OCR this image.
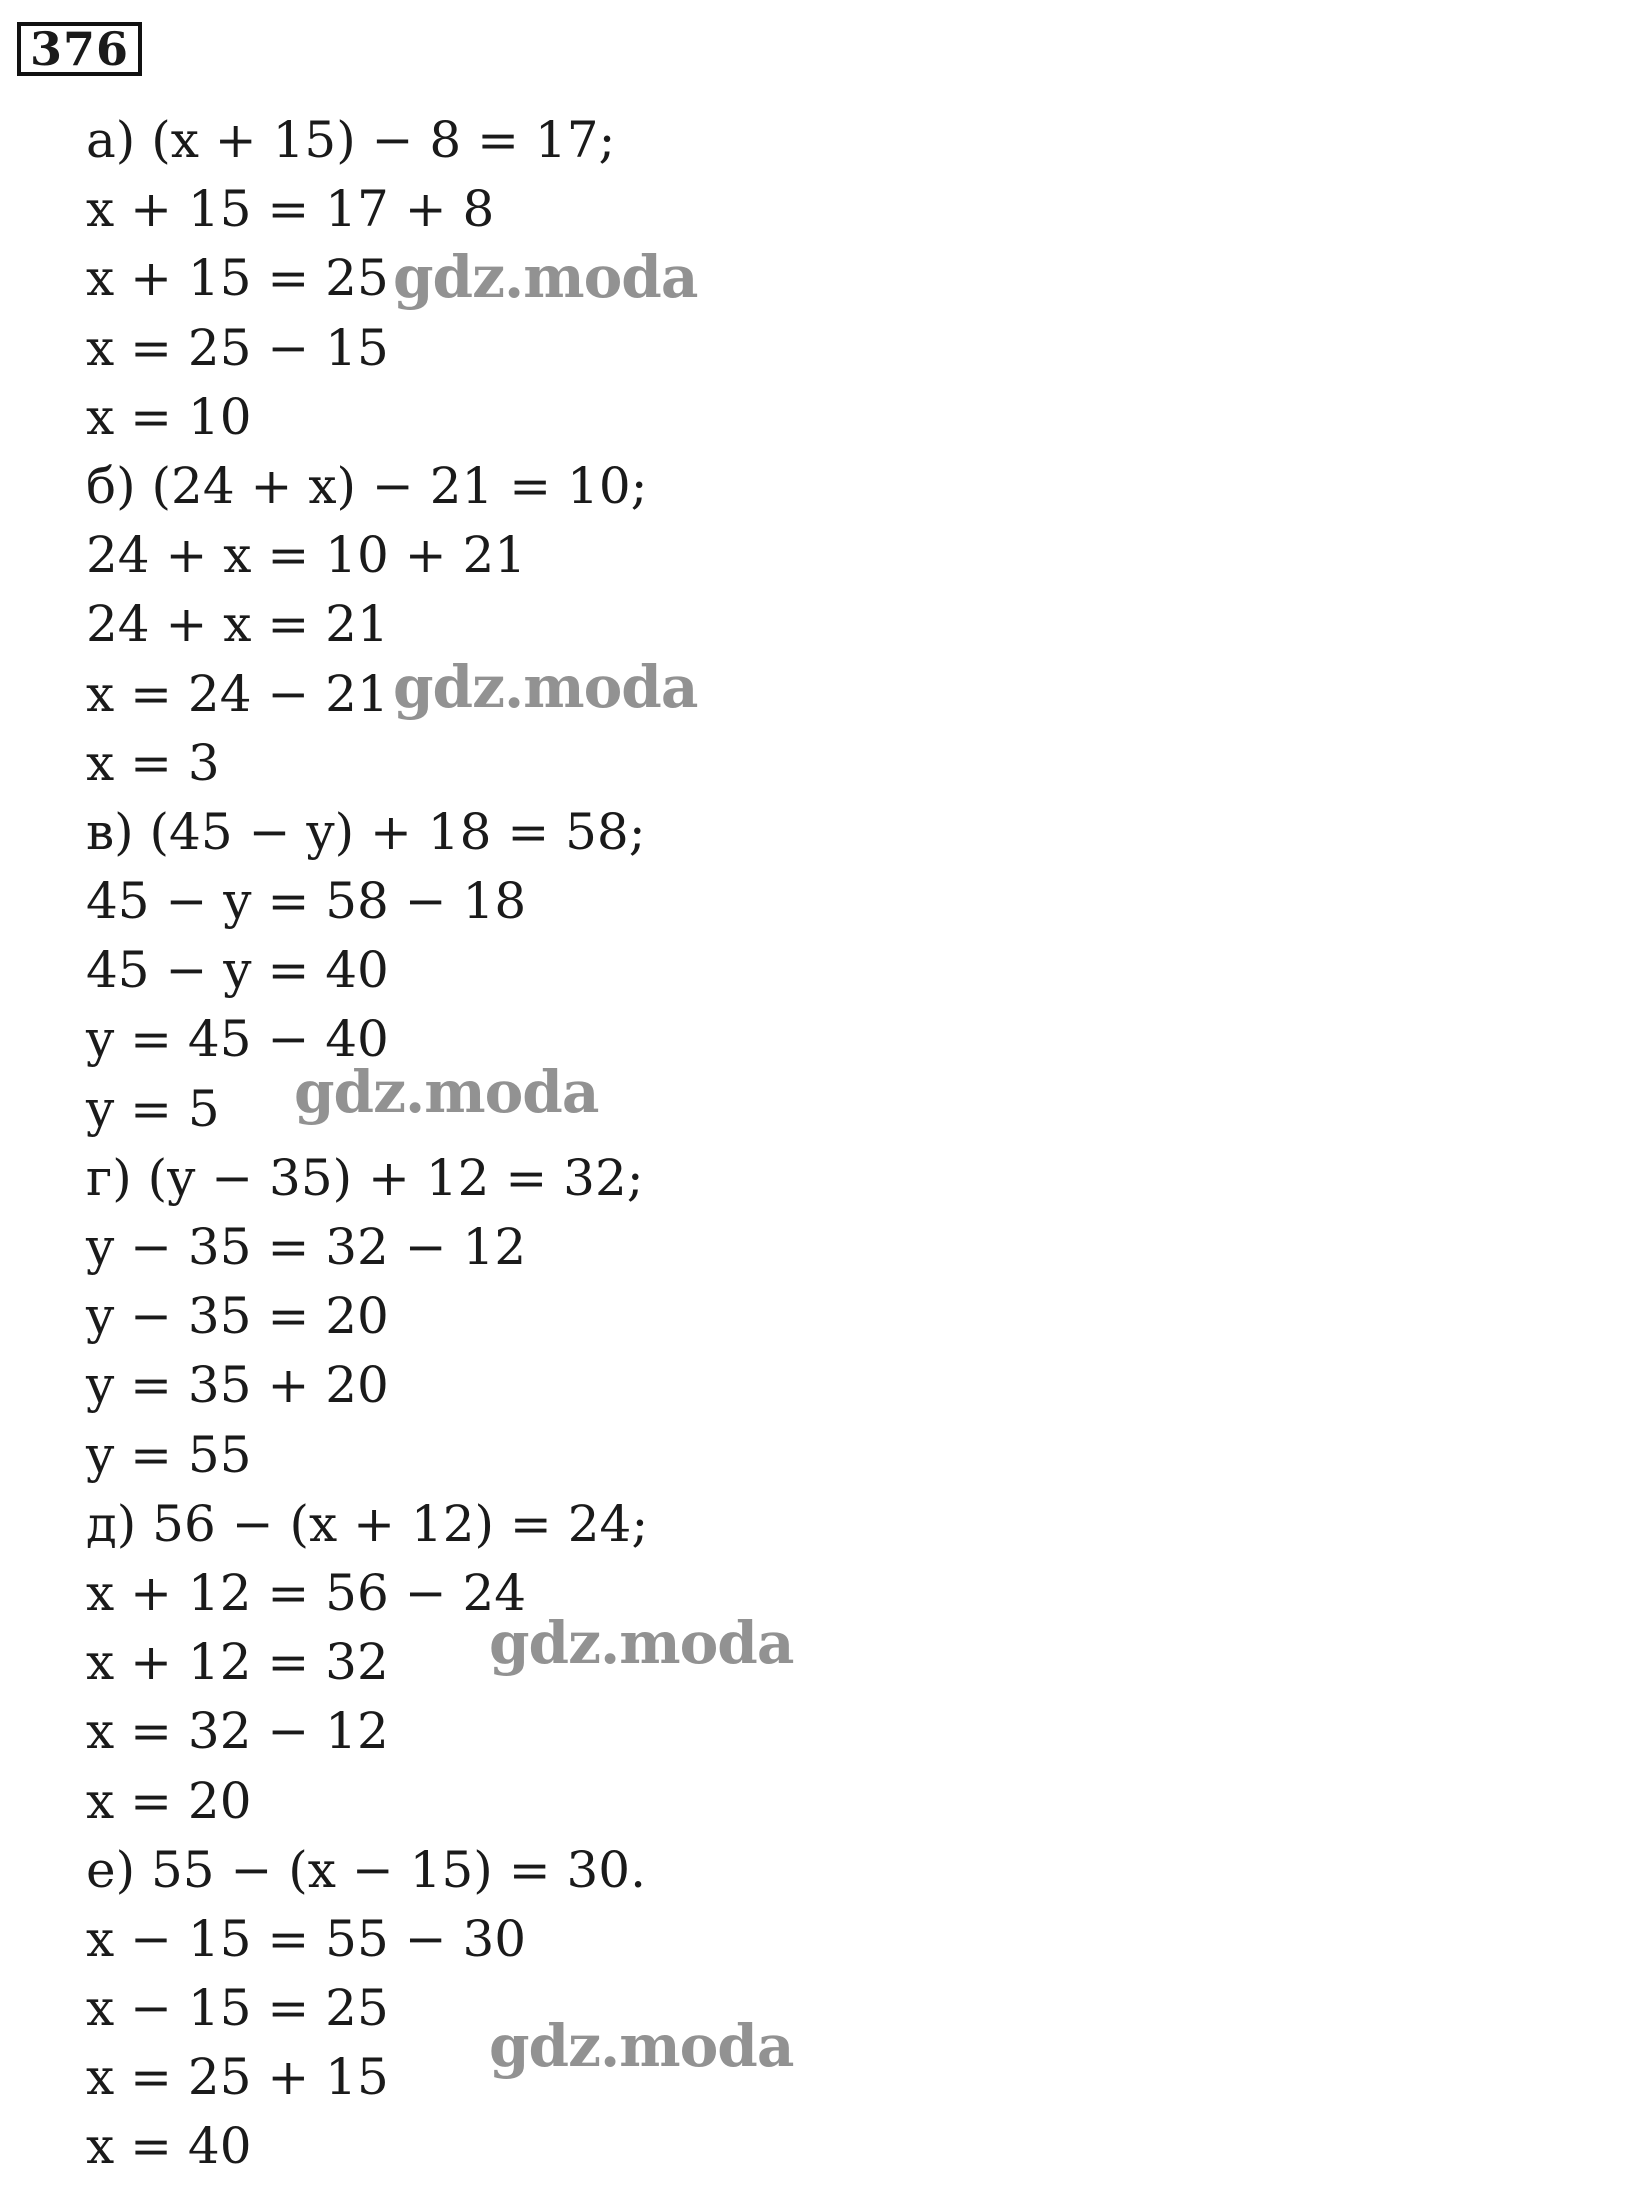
376
а) (x + 15) − 8 = 17;
x + 15 = 17 + 8
x + 15 = 25
x = 25 − 15
x = 10
б) (24 + x) − 21 = 10;
24 + x = 10 + 21
24 + x = 21
x = 24 − 21
x = 3
в) (45 − y) + 18 = 58;
45 − y = 58 − 18
45 − y = 40
y = 45 − 40
y = 5
г) (y − 35) + 12 = 32;
y − 35 = 32 − 12
y − 35 = 20
y = 35 + 20
y = 55
д) 56 − (x + 12) = 24;
x + 12 = 56 − 24
x + 12 = 32
x = 32 − 12
x = 20
е) 55 − (x − 15) = 30.
x − 15 = 55 − 30
x − 15 = 25
x = 25 + 15
x = 40
gdz.moda
gdz.moda
gdz.moda
gdz.moda
gdz.moda
